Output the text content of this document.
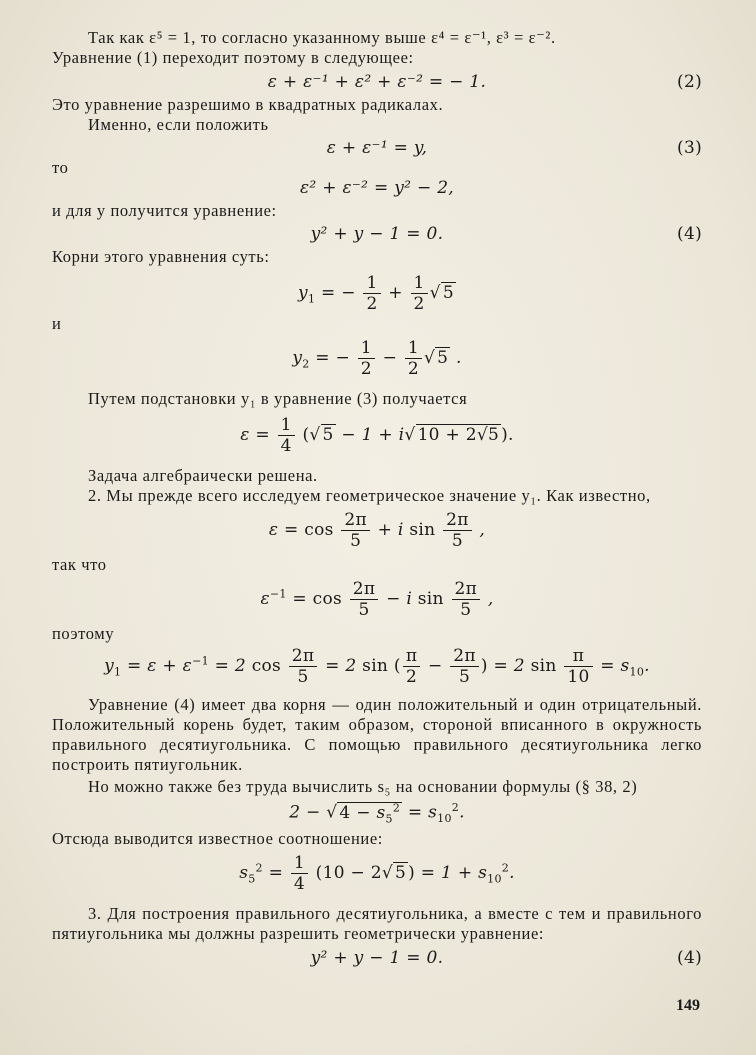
Так как ε⁵ = 1, то согласно указанному выше ε⁴ = ε⁻¹, ε³ = ε⁻².

Уравнение (1) переходит поэтому в следующее:

ε + ε⁻¹ + ε² + ε⁻² = − 1.	(2)

Это уравнение разрешимо в квадратных радикалах.

Именно, если положить

ε + ε⁻¹ = y,	(3)

то

ε² + ε⁻² = y² − 2,

и для y получится уравнение:

y² + y − 1 = 0.	(4)

Корни этого уравнения суть:

$y_1$ = − $\frac{1}{2} + \frac{1}{2}$ √ 5

и

$y_2$ = − $\frac{1}{2} - \frac{1}{2}$ √ 5 .

Путем подстановки y₁ в уравнение (3) получается

$\varepsilon = \frac{1}{4}$ (√ 5 − 1 + i√ 10 + 2√5 ).

Задача алгебраически решена.

2. Мы прежде всего исследуем геометрическое значение y₁. Как известно,

$\varepsilon = \cos \frac{2\pi}{5} + i$ $\sin \frac{2\pi}{5}$ ,

так что

$\varepsilon^{-1} = \cos \frac{2\pi}{5} - i$ $\sin \frac{2\pi}{5}$ ,

поэтому

$y_1 = \varepsilon + \varepsilon^{-1} = 2$ $\cos \frac{2\pi}{5} = 2$ sin ( $\frac{\pi}{2} - \frac{2\pi}{5}$ ) = 2 $\sin \frac{\pi}{10} = s_{10}$.

Уравнение (4) имеет два корня — один положительный и один отрицательный. Положительный корень будет, таким образом, стороной вписанного в окружность правильного десятиугольника. С помощью правильного десятиугольника легко построить пятиугольник.

Но можно также без труда вычислить s₅ на основании формулы (§ 38, 2)

2 − √ $4 - s_5^2 = s_{10}^2$.

Отсюда выводится известное соотношение:

$s_5^2 = \frac{1}{4} (10 - 2√$ 5 ) = $1 + s_{10}^2$.

3. Для построения правильного десятиугольника, а вместе с тем и правильного пятиугольника мы должны разрешить геометрически уравнение:

y² + y − 1 = 0.	(4)
149
